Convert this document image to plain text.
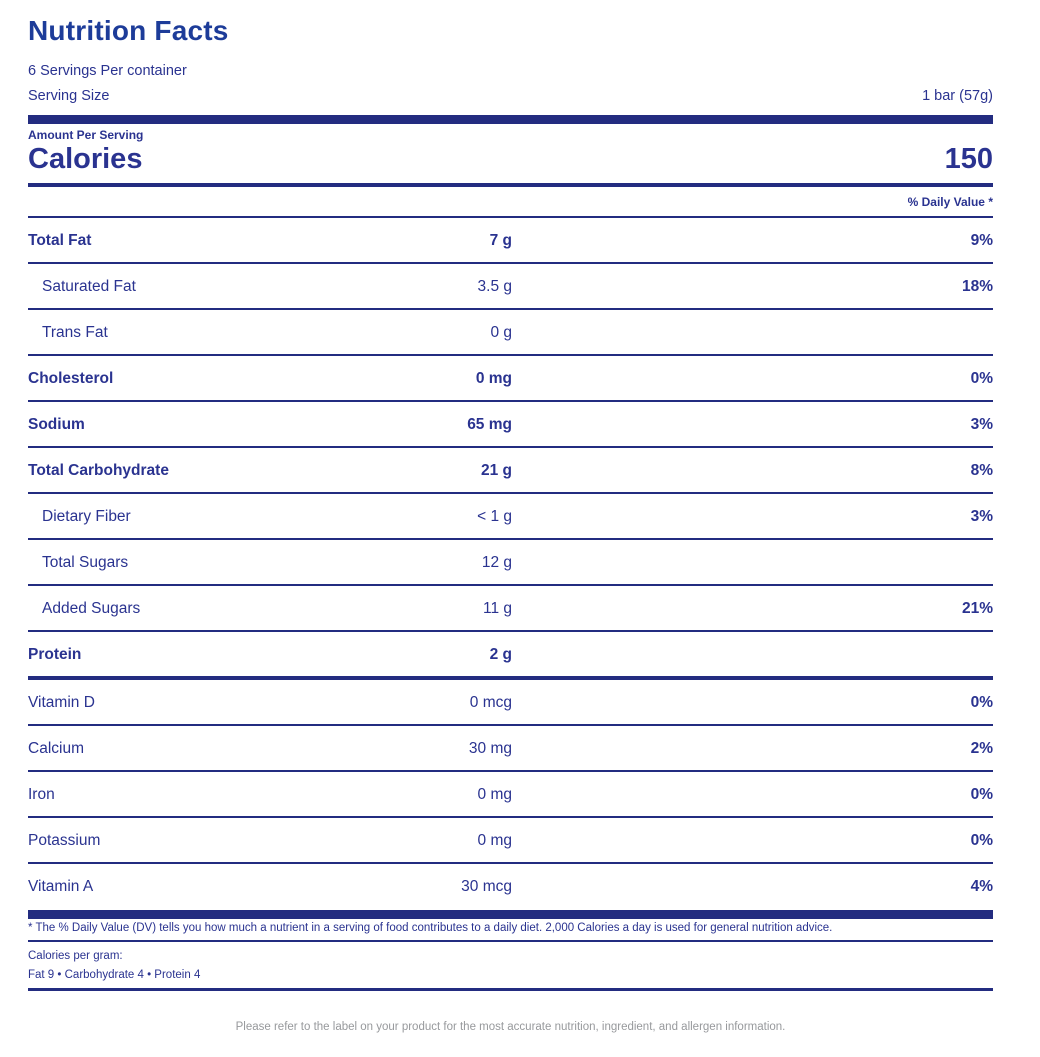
Nutrition Facts
6 Servings Per container
Serving Size	1 bar (57g)
Amount Per Serving
Calories	150
% Daily Value *
Total Fat	7 g	9%
Saturated Fat	3.5 g	18%
Trans Fat	0 g
Cholesterol	0 mg	0%
Sodium	65 mg	3%
Total Carbohydrate	21 g	8%
Dietary Fiber	< 1 g	3%
Total Sugars	12 g
Added Sugars	11 g	21%
Protein	2 g
Vitamin D	0 mcg	0%
Calcium	30 mg	2%
Iron	0 mg	0%
Potassium	0 mg	0%
Vitamin A	30 mcg	4%
* The % Daily Value (DV) tells you how much a nutrient in a serving of food contributes to a daily diet. 2,000 Calories a day is used for general nutrition advice.
Calories per gram:
Fat 9 • Carbohydrate 4 • Protein 4
Please refer to the label on your product for the most accurate nutrition, ingredient, and allergen information.
